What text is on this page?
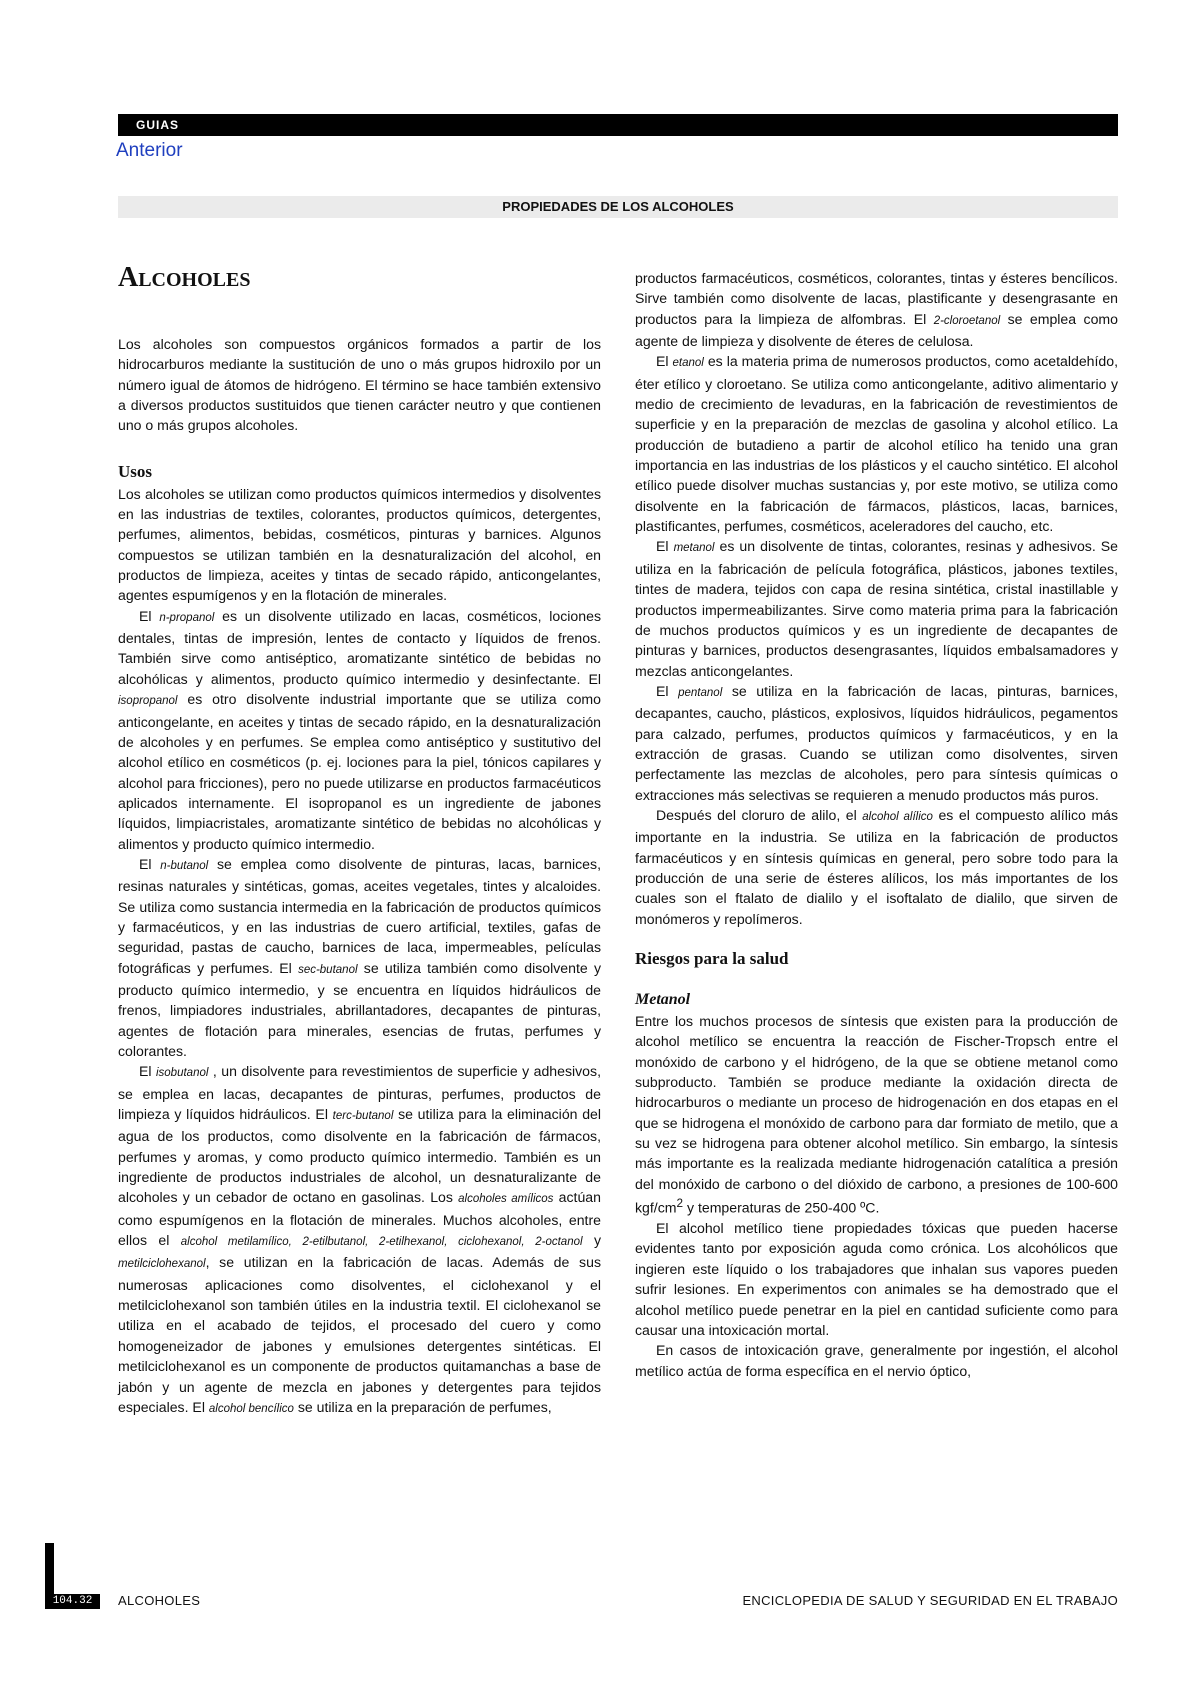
GUIAS
Anterior
PROPIEDADES DE LOS ALCOHOLES
Alcoholes

Los alcoholes son compuestos orgánicos formados a partir de los hidrocarburos mediante la sustitución de uno o más grupos hidroxilo por un número igual de átomos de hidrógeno. El término se hace también extensivo a diversos productos sustituidos que tienen carácter neutro y que contienen uno o más grupos alcoholes.

Usos

Los alcoholes se utilizan como productos químicos intermedios y disolventes en las industrias de textiles, colorantes, productos químicos, detergentes, perfumes, alimentos, bebidas, cosméticos, pinturas y barnices. Algunos compuestos se utilizan también en la desnaturalización del alcohol, en productos de limpieza, aceites y tintas de secado rápido, anticongelantes, agentes espumígenos y en la flotación de minerales.

El n-propanol es un disolvente utilizado en lacas, cosméticos, lociones dentales, tintas de impresión, lentes de contacto y líquidos de frenos. También sirve como antiséptico, aromatizante sintético de bebidas no alcohólicas y alimentos, producto químico intermedio y desinfectante. El isopropanol es otro disolvente industrial importante que se utiliza como anticongelante, en aceites y tintas de secado rápido, en la desnaturalización de alcoholes y en perfumes. Se emplea como antiséptico y sustitutivo del alcohol etílico en cosméticos (p. ej. lociones para la piel, tónicos capilares y alcohol para fricciones), pero no puede utilizarse en productos farmacéuticos aplicados internamente. El isopropanol es un ingrediente de jabones líquidos, limpiacristales, aromatizante sintético de bebidas no alcohólicas y alimentos y producto químico intermedio.

El n-butanol se emplea como disolvente de pinturas, lacas, barnices, resinas naturales y sintéticas, gomas, aceites vegetales, tintes y alcaloides. Se utiliza como sustancia intermedia en la fabricación de productos químicos y farmacéuticos, y en las industrias de cuero artificial, textiles, gafas de seguridad, pastas de caucho, barnices de laca, impermeables, películas fotográficas y perfumes. El sec-butanol se utiliza también como disolvente y producto químico intermedio, y se encuentra en líquidos hidráulicos de frenos, limpiadores industriales, abrillantadores, decapantes de pinturas, agentes de flotación para minerales, esencias de frutas, perfumes y colorantes.

El isobutanol , un disolvente para revestimientos de superficie y adhesivos, se emplea en lacas, decapantes de pinturas, perfumes, productos de limpieza y líquidos hidráulicos. El terc-butanol se utiliza para la eliminación del agua de los productos, como disolvente en la fabricación de fármacos, perfumes y aromas, y como producto químico intermedio. También es un ingrediente de productos industriales de alcohol, un desnaturalizante de alcoholes y un cebador de octano en gasolinas. Los alcoholes amílicos actúan como espumígenos en la flotación de minerales. Muchos alcoholes, entre ellos el alcohol metilamílico, 2-etilbutanol, 2-etilhexanol, ciclohexanol, 2-octanol y metilciclohexanol, se utilizan en la fabricación de lacas. Además de sus numerosas aplicaciones como disolventes, el ciclohexanol y el metilciclohexanol son también útiles en la industria textil. El ciclohexanol se utiliza en el acabado de tejidos, el procesado del cuero y como homogeneizador de jabones y emulsiones detergentes sintéticas. El metilciclohexanol es un componente de productos quitamanchas a base de jabón y un agente de mezcla en jabones y detergentes para tejidos especiales. El alcohol bencílico se utiliza en la preparación de perfumes,

productos farmacéuticos, cosméticos, colorantes, tintas y ésteres bencílicos. Sirve también como disolvente de lacas, plastificante y desengrasante en productos para la limpieza de alfombras. El 2-cloroetanol se emplea como agente de limpieza y disolvente de éteres de celulosa.

El etanol es la materia prima de numerosos productos, como acetaldehído, éter etílico y cloroetano. Se utiliza como anticongelante, aditivo alimentario y medio de crecimiento de levaduras, en la fabricación de revestimientos de superficie y en la preparación de mezclas de gasolina y alcohol etílico. La producción de butadieno a partir de alcohol etílico ha tenido una gran importancia en las industrias de los plásticos y el caucho sintético. El alcohol etílico puede disolver muchas sustancias y, por este motivo, se utiliza como disolvente en la fabricación de fármacos, plásticos, lacas, barnices, plastificantes, perfumes, cosméticos, aceleradores del caucho, etc.

El metanol es un disolvente de tintas, colorantes, resinas y adhesivos. Se utiliza en la fabricación de película fotográfica, plásticos, jabones textiles, tintes de madera, tejidos con capa de resina sintética, cristal inastillable y productos impermeabilizantes. Sirve como materia prima para la fabricación de muchos productos químicos y es un ingrediente de decapantes de pinturas y barnices, productos desengrasantes, líquidos embalsamadores y mezclas anticongelantes.

El pentanol se utiliza en la fabricación de lacas, pinturas, barnices, decapantes, caucho, plásticos, explosivos, líquidos hidráulicos, pegamentos para calzado, perfumes, productos químicos y farmacéuticos, y en la extracción de grasas. Cuando se utilizan como disolventes, sirven perfectamente las mezclas de alcoholes, pero para síntesis químicas o extracciones más selectivas se requieren a menudo productos más puros.

Después del cloruro de alilo, el alcohol alílico es el compuesto alílico más importante en la industria. Se utiliza en la fabricación de productos farmacéuticos y en síntesis químicas en general, pero sobre todo para la producción de una serie de ésteres alílicos, los más importantes de los cuales son el ftalato de dialilo y el isoftalato de dialilo, que sirven de monómeros y repolímeros.

Riesgos para la salud
Metanol

Entre los muchos procesos de síntesis que existen para la producción de alcohol metílico se encuentra la reacción de Fischer-Tropsch entre el monóxido de carbono y el hidrógeno, de la que se obtiene metanol como subproducto. También se produce mediante la oxidación directa de hidrocarburos o mediante un proceso de hidrogenación en dos etapas en el que se hidrogena el monóxido de carbono para dar formiato de metilo, que a su vez se hidrogena para obtener alcohol metílico. Sin embargo, la síntesis más importante es la realizada mediante hidrogenación catalítica a presión del monóxido de carbono o del dióxido de carbono, a presiones de 100-600 kgf/$cm^2$ y temperaturas de 250-400 ºC.

El alcohol metílico tiene propiedades tóxicas que pueden hacerse evidentes tanto por exposición aguda como crónica. Los alcohólicos que ingieren este líquido o los trabajadores que inhalan sus vapores pueden sufrir lesiones. En experimentos con animales se ha demostrado que el alcohol metílico puede penetrar en la piel en cantidad suficiente como para causar una intoxicación mortal.

En casos de intoxicación grave, generalmente por ingestión, el alcohol metílico actúa de forma específica en el nervio óptico,

104.32	ALCOHOLES	ENCICLOPEDIA DE SALUD Y SEGURIDAD EN EL TRABAJO
